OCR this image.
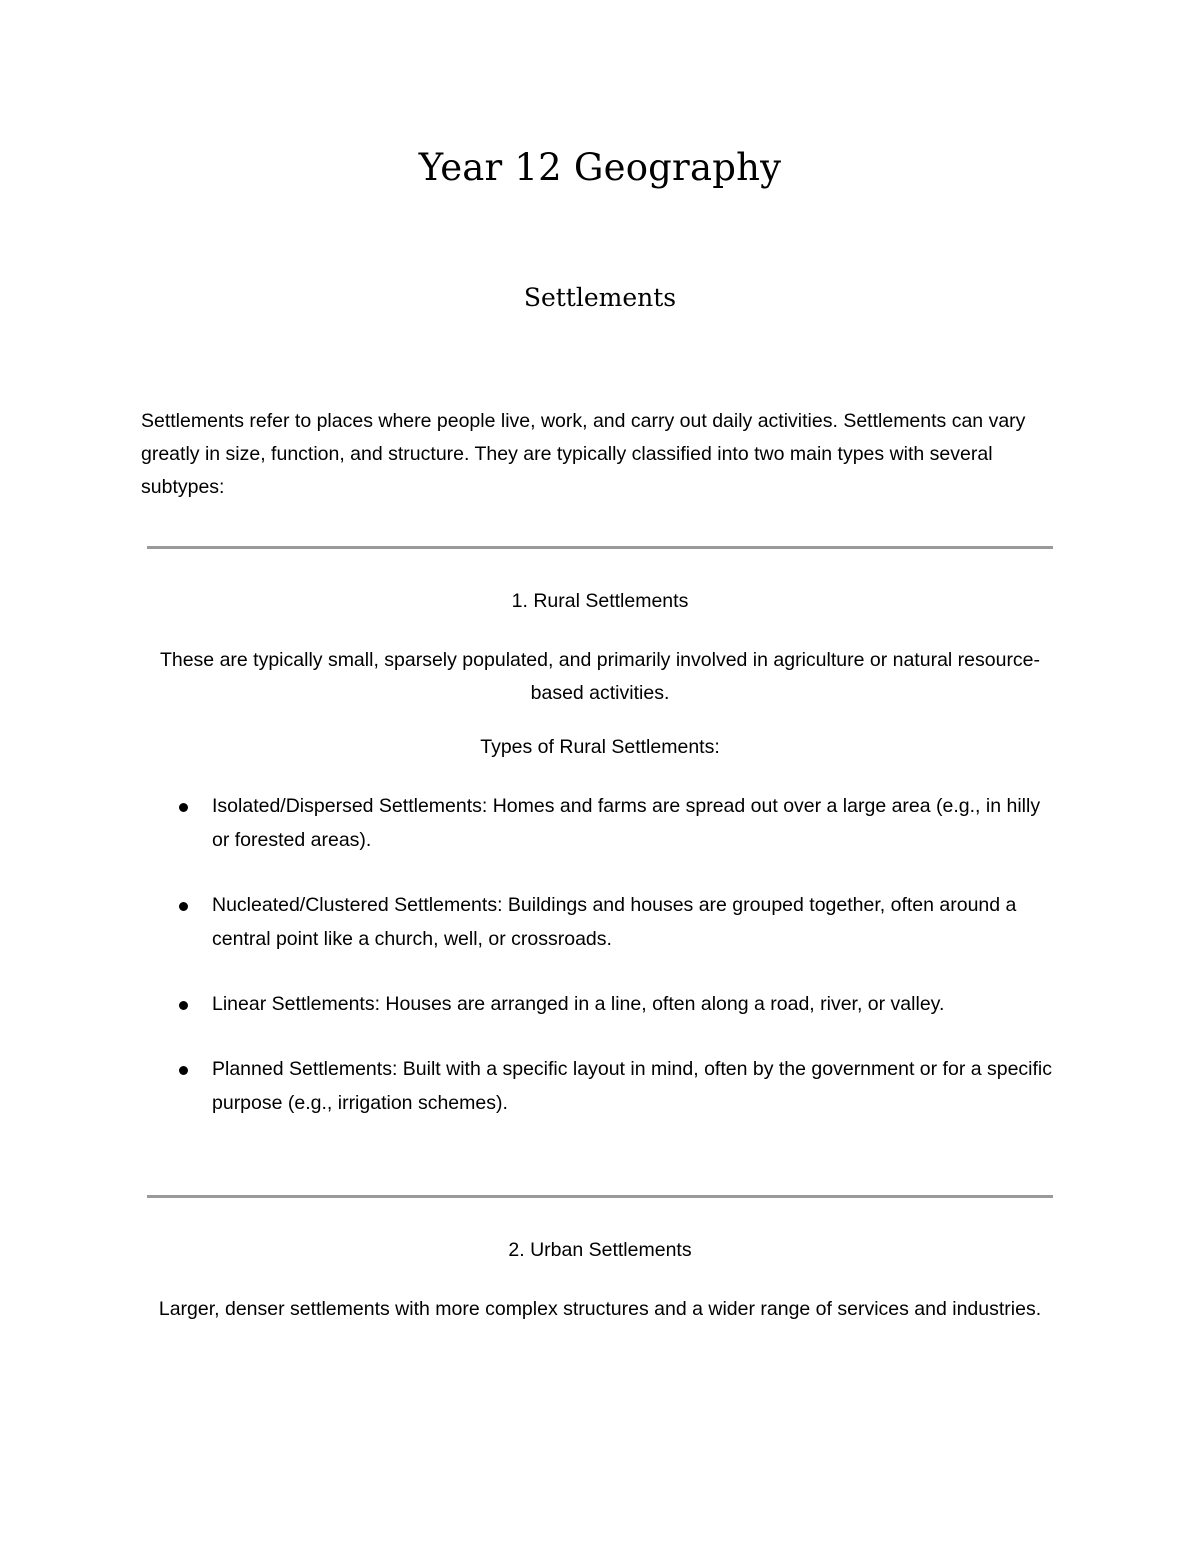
Year 12 Geography
Settlements

Settlements refer to places where people live, work, and carry out daily activities. Settlements can vary greatly in size, function, and structure. They are typically classified into two main types with several subtypes:

1. Rural Settlements

These are typically small, sparsely populated, and primarily involved in agriculture or natural resource-based activities.

Types of Rural Settlements:

Isolated/Dispersed Settlements: Homes and farms are spread out over a large area (e.g., in hilly or forested areas).
Nucleated/Clustered Settlements: Buildings and houses are grouped together, often around a central point like a church, well, or crossroads.
Linear Settlements: Houses are arranged in a line, often along a road, river, or valley.
Planned Settlements: Built with a specific layout in mind, often by the government or for a specific purpose (e.g., irrigation schemes).
2. Urban Settlements

Larger, denser settlements with more complex structures and a wider range of services and industries.
